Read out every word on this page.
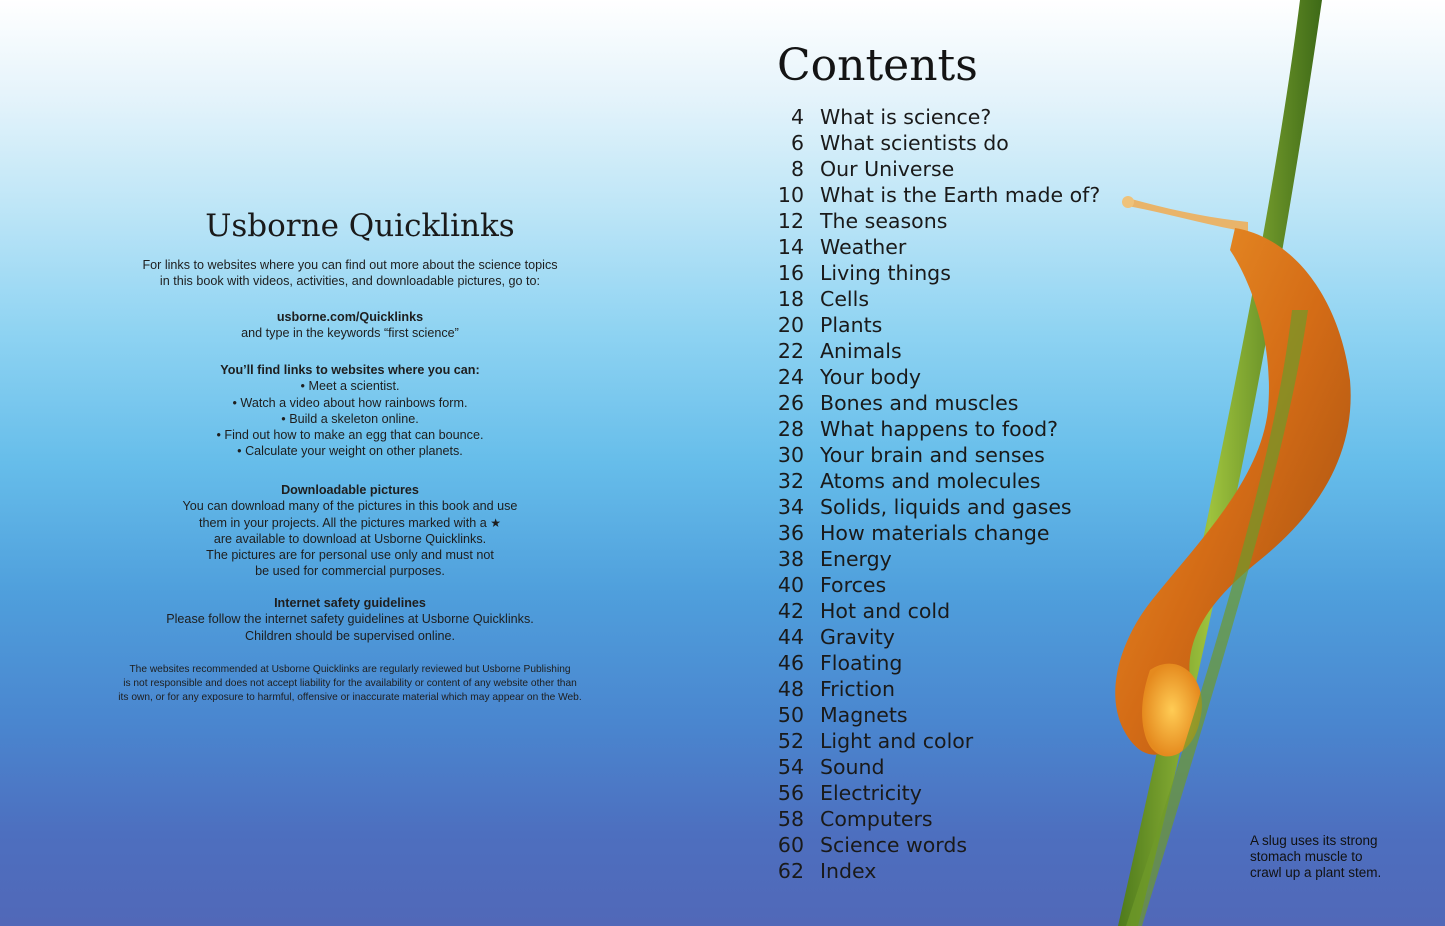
Usborne Quicklinks
For links to websites where you can find out more about the science topics
in this book with videos, activities, and downloadable pictures, go to:
usborne.com/Quicklinks
and type in the keywords “first science”
You’ll find links to websites where you can:
• Meet a scientist.
• Watch a video about how rainbows form.
• Build a skeleton online.
• Find out how to make an egg that can bounce.
• Calculate your weight on other planets.
Downloadable pictures
You can download many of the pictures in this book and use
them in your projects. All the pictures marked with a ★
are available to download at Usborne Quicklinks.
The pictures are for personal use only and must not
be used for commercial purposes.
Internet safety guidelines
Please follow the internet safety guidelines at Usborne Quicklinks.
Children should be supervised online.
The websites recommended at Usborne Quicklinks are regularly reviewed but Usborne Publishing
is not responsible and does not accept liability for the availability or content of any website other than
its own, or for any exposure to harmful, offensive or inaccurate material which may appear on the Web.
Contents
4 What is science?
6 What scientists do
8 Our Universe
10 What is the Earth made of?
12 The seasons
14 Weather
16 Living things
18 Cells
20 Plants
22 Animals
24 Your body
26 Bones and muscles
28 What happens to food?
30 Your brain and senses
32 Atoms and molecules
34 Solids, liquids and gases
36 How materials change
38 Energy
40 Forces
42 Hot and cold
44 Gravity
46 Floating
48 Friction
50 Magnets
52 Light and color
54 Sound
56 Electricity
58 Computers
60 Science words
62 Index
A slug uses its strong
stomach muscle to
crawl up a plant stem.
